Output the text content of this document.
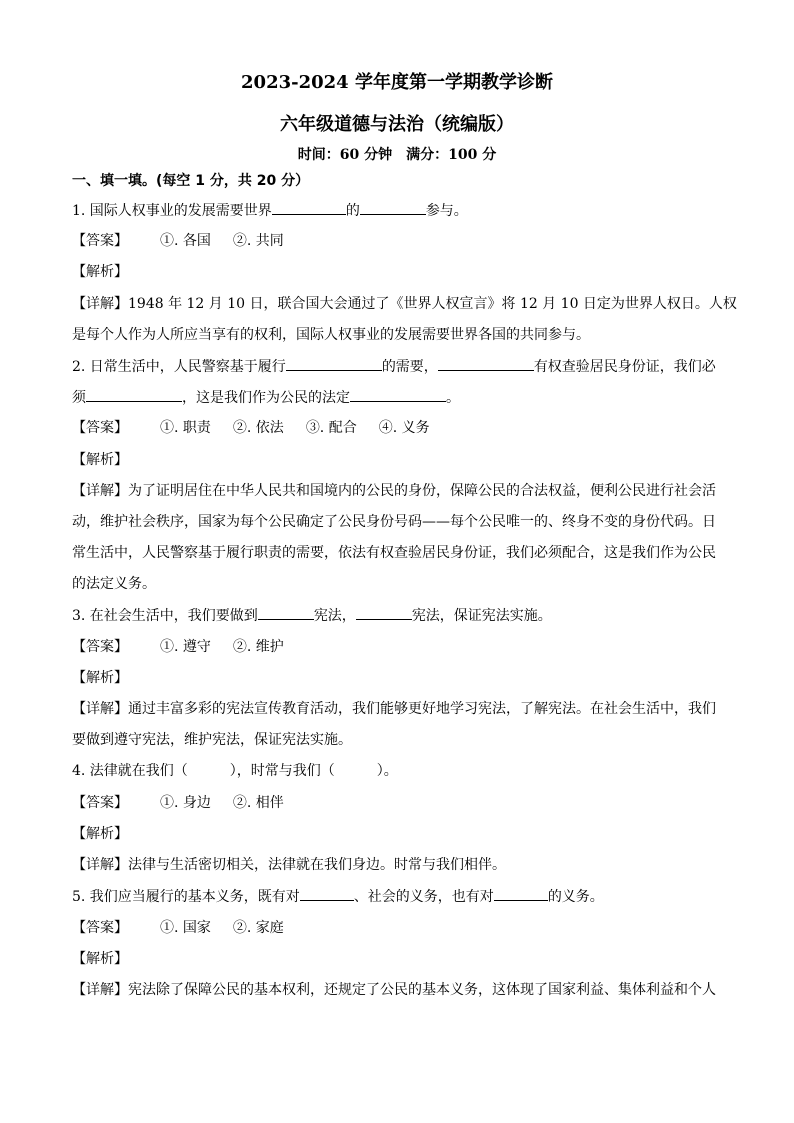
2023-2024 学年度第一学期教学诊断
六年级道德与法治（统编版）
时间：60 分钟　满分：100 分
一、填一填。(每空 1 分，共 20 分）
1. 国际人权事业的发展需要世界	的	参与。
【答案】 ①. 各国 ②. 共同
【解析】
【详解】1948 年 12 月 10 日，联合国大会通过了《世界人权宣言》将 12 月 10 日定为世界人权日。人权
是每个人作为人所应当享有的权利，国际人权事业的发展需要世界各国的共同参与。
2. 日常生活中，人民警察基于履行	的需要，	有权查验居民身份证，我们必
须	，这是我们作为公民的法定	。
【答案】 ①. 职责 ②. 依法 ③. 配合 ④. 义务
【解析】
【详解】为了证明居住在中华人民共和国境内的公民的身份，保障公民的合法权益，便利公民进行社会活
动，维护社会秩序，国家为每个公民确定了公民身份号码——每个公民唯一的、终身不变的身份代码。日
常生活中，人民警察基于履行职责的需要，依法有权查验居民身份证，我们必须配合，这是我们作为公民
的法定义务。
3. 在社会生活中，我们要做到	宪法，	宪法，保证宪法实施。
【答案】 ①. 遵守 ②. 维护
【解析】
【详解】通过丰富多彩的宪法宣传教育活动，我们能够更好地学习宪法，了解宪法。在社会生活中，我们
要做到遵守宪法，维护宪法，保证宪法实施。
4. 法律就在我们（　　　），时常与我们（　　　）。
【答案】 ①. 身边 ②. 相伴
【解析】
【详解】法律与生活密切相关，法律就在我们身边。时常与我们相伴。
5. 我们应当履行的基本义务，既有对	、社会的义务，也有对	的义务。
【答案】 ①. 国家 ②. 家庭
【解析】
【详解】宪法除了保障公民的基本权利，还规定了公民的基本义务，这体现了国家利益、集体利益和个人
